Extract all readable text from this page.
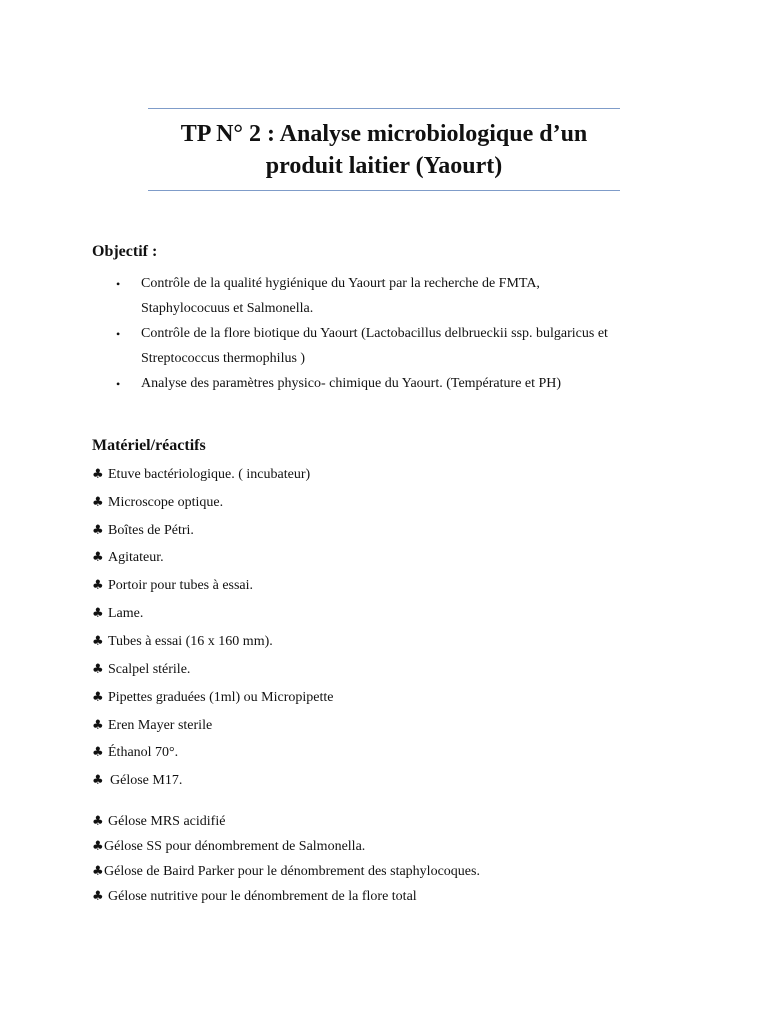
TP N° 2 : Analyse microbiologique d’un
produit laitier (Yaourt)
Objectif :
• Contrôle de la qualité hygiénique du Yaourt par la recherche de FMTA,
Staphylococuus et Salmonella.
• Contrôle de la flore biotique du Yaourt (Lactobacillus delbrueckii ssp. bulgaricus et
Streptococcus thermophilus )
• Analyse des paramètres physico- chimique du Yaourt. (Température et PH)
Matériel/réactifs
♣ Etuve bactériologique. ( incubateur)
♣ Microscope optique.
♣ Boîtes de Pétri.
♣ Agitateur.
♣ Portoir pour tubes à essai.
♣ Lame.
♣ Tubes à essai (16 x 160 mm).
♣ Scalpel stérile.
♣ Pipettes graduées (1ml) ou Micropipette
♣ Eren Mayer sterile
♣ Éthanol 70°.
♣ Gélose M17.
♣ Gélose MRS acidifié
♣Gélose SS pour dénombrement de Salmonella.
♣Gélose de Baird Parker pour le dénombrement des staphylocoques.
♣ Gélose nutritive pour le dénombrement de la flore total
